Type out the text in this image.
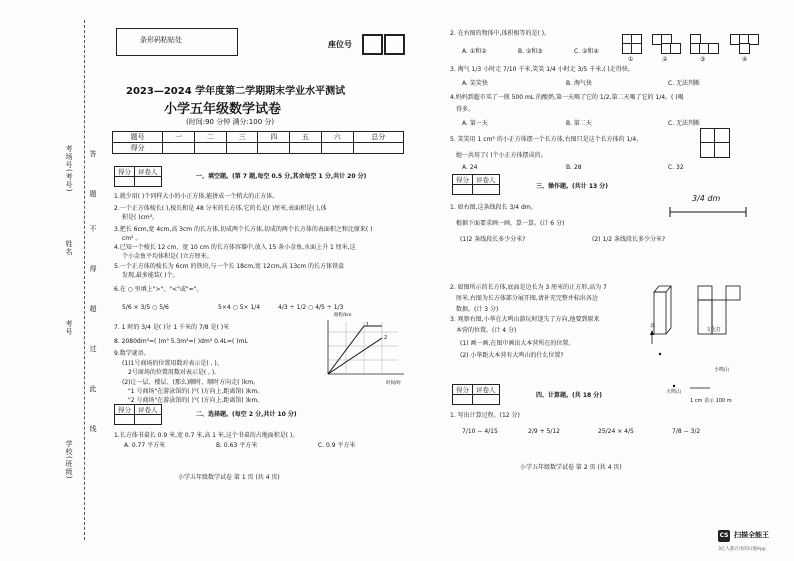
学校(班级)
姓名
考号
考场号(考号) 答
题
不
得
超
过
此
线
条形码粘贴处	座位号
2023—2024 学年度第二学期期末学业水平测试
小学五年级数学试卷
(时间:90 分钟 满分:100 分)
题号	一	二	三	四	五	六	总分
得分							
得分	评卷人

一、填空题。(第 7 题,每空 0.5 分,其余每空 1 分,共计 20 分)
1.就少用( )个同样大小的小正方体,能拼成一个稍大的正方体。
2.一个正方体棱长( ),棱长和是 48 分米的长方体,它的长是( )厘米,表面积是( ),体
积是( )cm³。
3.把长 6cm,宽 4cm,高 3cm 的长方体,切成两个长方体,切成的两个长方体的表面积之和比原来( )
cm² 。
4.已知一个棱长 12 cm、宽 10 cm 的长方体容器中,放入 15 条小金鱼,水面上升 1 厘米,这
个小金鱼平均体积是( )立方厘米。
5.一个正方体的棱长为 6cm 的铁块,与一个长 18cm,宽 12cm,高 13cm 的长方体铁盒
发现,最多能装( )个。
6.在 ○ 里填上">"、"<"或"="。
5/6 × 3/5 ○ 5/6	5×4 ○ 5× 1/4	4/3 ÷ 1/2 ○ 4/5 ÷ 1/3
7. 1 时的 3/4 是( )分 1 千米的 7/8 是( )米
8. 2080dm³=( )m³ 5.3m³=( )dm³ 0.4L=( )mL
9.数学谜语。
(1)1号商场的位置用数对表示是( , )。
2号商场的位置用数对表示是( , )。
(2)让一层、楼层、(那么)顺时、顺时方向走( )km。
"1 号商场"在游泳馆的( )°( )方向上,距离馆( )km。
"2 号商场"在游泳馆的( )°( )方向上,距离馆( )km。
路程/km
时间/时
1
2
得分	评卷人

二、选择题。(每空 2 分,共计 10 分)
1.长方体书桌长 0.9 米,宽 0.7 米,高 1 米,这个书桌的占地面积是( )。
A. 0.77 平方米	B. 0.63 平方米	C. 0.9 平方米
小学五年级数学试卷 第 1 页 (共 4 页)
2. 在右图的物体中,体积相等的是( )。
A. ①和②	B. ②和③	C. ②和④
①	②	③	④
3. 淘气 1/3 小时走 7/10 千米,笑笑 1/4 小时走 3/5 千米,( )走得快。
A. 笑笑快	B. 淘气快	C. 无法判断
4.妈妈到超市买了一瓶 500 mL 的酸奶,第一天喝了它的 1/2,第二天喝了它的 1/4。( )喝
得多。
A. 第一天	B. 第二天	C. 无法判断
5. 笑笑用 1 cm³ 的小正方体摆一个长方体,右图只是这个长方体的 1/4,
她一共用了( )个小正方体摆成的。
A. 24	B. 28	C. 32
得分	评卷人

三、操作题。(共计 13 分)
1. 如右图,这条线段长 3/4 dm。
根据下面要求画一画、算一算。(计 6 分)
(1)2 条线段长多少分米?	(2) 1/2 条线段长多少分米?
3/4 dm
2. 如图所示的长方体,底面是边长为 3 厘米的正方形,高为 7
厘米,右图为长方体部分展开图,请补充完整并标出各边
数据。(计 3 分)
3. 观察右图,小华在大鸣山游玩时迷失了方向,他要到原来
本营的位置。(计 4 分)
(1) 画一画,在图中画出大本营所在的位置。
(2) 小华距大本营有大鸣山的什么位置?
北
文化打
小鸣山
大鸣山
1 cm 表示 100 m
得分	评卷人

四、计算题。(共 18 分)
1. 写出计算过程。(12 分)
7/10 − 4/15	2/9 + 5/12	25/24 × 4/5	7/8 − 3/2
小学五年级数学试卷 第 2 页 (共 4 页)
CS 扫描全能王
3亿人都在用的扫描App
